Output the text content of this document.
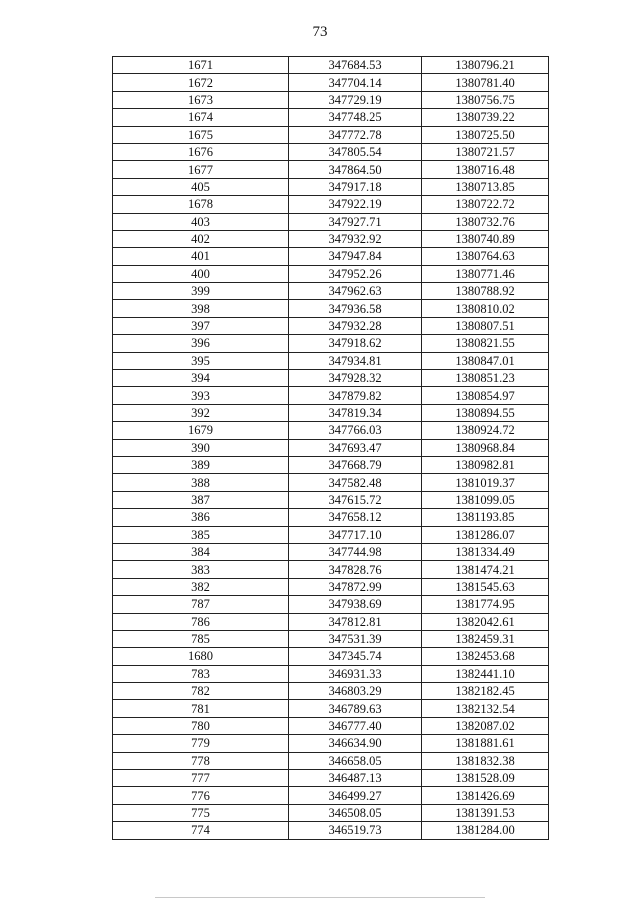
73
1671	347684.53	1380796.21
1672	347704.14	1380781.40
1673	347729.19	1380756.75
1674	347748.25	1380739.22
1675	347772.78	1380725.50
1676	347805.54	1380721.57
1677	347864.50	1380716.48
405	347917.18	1380713.85
1678	347922.19	1380722.72
403	347927.71	1380732.76
402	347932.92	1380740.89
401	347947.84	1380764.63
400	347952.26	1380771.46
399	347962.63	1380788.92
398	347936.58	1380810.02
397	347932.28	1380807.51
396	347918.62	1380821.55
395	347934.81	1380847.01
394	347928.32	1380851.23
393	347879.82	1380854.97
392	347819.34	1380894.55
1679	347766.03	1380924.72
390	347693.47	1380968.84
389	347668.79	1380982.81
388	347582.48	1381019.37
387	347615.72	1381099.05
386	347658.12	1381193.85
385	347717.10	1381286.07
384	347744.98	1381334.49
383	347828.76	1381474.21
382	347872.99	1381545.63
787	347938.69	1381774.95
786	347812.81	1382042.61
785	347531.39	1382459.31
1680	347345.74	1382453.68
783	346931.33	1382441.10
782	346803.29	1382182.45
781	346789.63	1382132.54
780	346777.40	1382087.02
779	346634.90	1381881.61
778	346658.05	1381832.38
777	346487.13	1381528.09
776	346499.27	1381426.69
775	346508.05	1381391.53
774	346519.73	1381284.00
